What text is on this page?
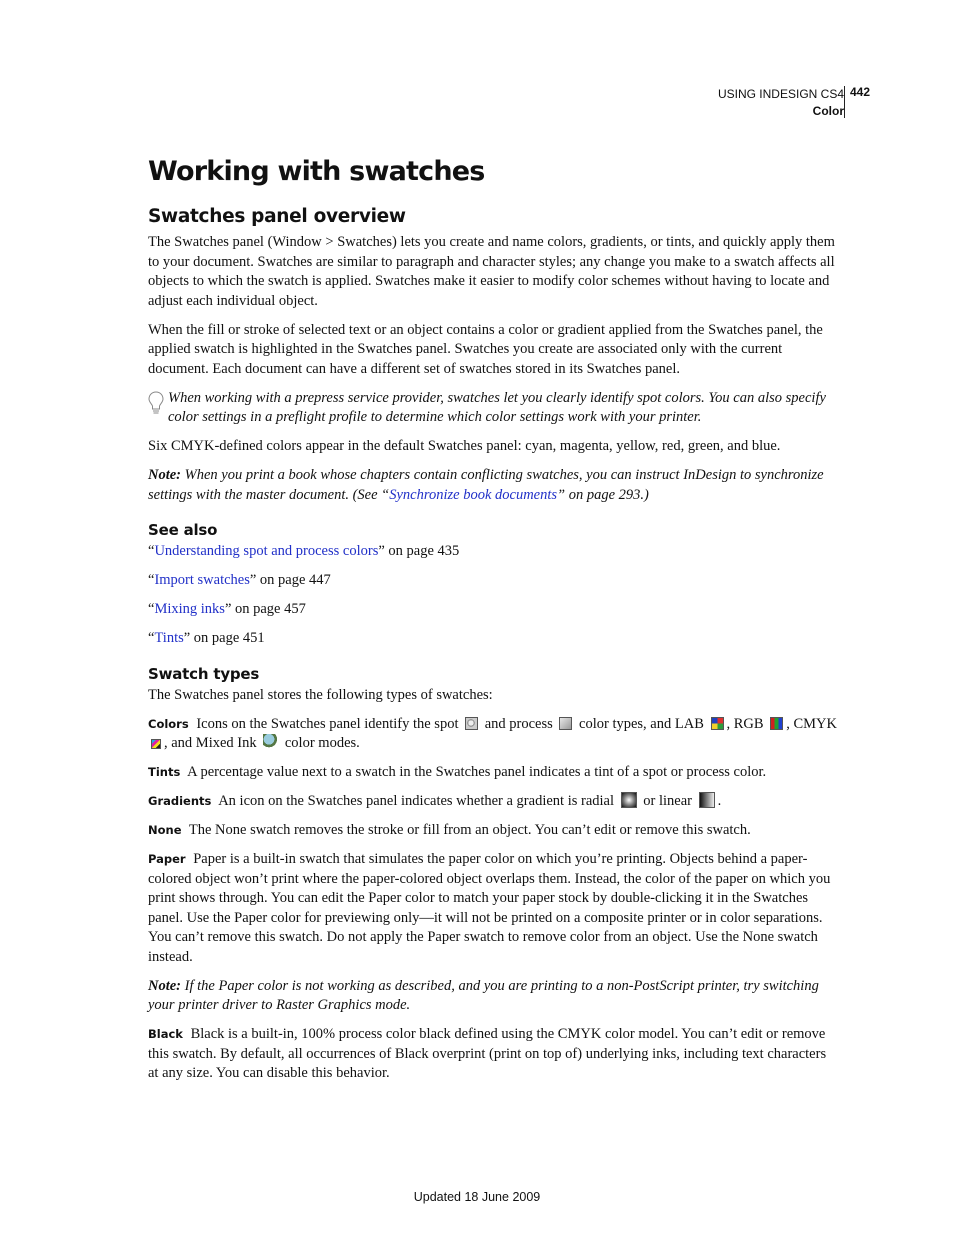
USING INDESIGN CS4
Color
442
Working with swatches
Swatches panel overview

The Swatches panel (Window > Swatches) lets you create and name colors, gradients, or tints, and quickly apply them to your document. Swatches are similar to paragraph and character styles; any change you make to a swatch affects all objects to which the swatch is applied. Swatches make it easier to modify color schemes without having to locate and adjust each individual object.

When the fill or stroke of selected text or an object contains a color or gradient applied from the Swatches panel, the applied swatch is highlighted in the Swatches panel. Swatches you create are associated only with the current document. Each document can have a different set of swatches stored in its Swatches panel.

When working with a prepress service provider, swatches let you clearly identify spot colors. You can also specify color settings in a preflight profile to determine which color settings work with your printer.

Six CMYK-defined colors appear in the default Swatches panel: cyan, magenta, yellow, red, green, and blue.

Note: When you print a book whose chapters contain conflicting swatches, you can instruct InDesign to synchronize settings with the master document. (See “Synchronize book documents” on page 293.)

See also

“Understanding spot and process colors” on page 435

“Import swatches” on page 447

“Mixing inks” on page 457

“Tints” on page 451

Swatch types

The Swatches panel stores the following types of swatches:

Colors Icons on the Swatches panel identify the spot  and process  color types, and LAB , RGB , CMYK , and Mixed Ink  color modes.

Tints A percentage value next to a swatch in the Swatches panel indicates a tint of a spot or process color.

Gradients An icon on the Swatches panel indicates whether a gradient is radial  or linear .

None The None swatch removes the stroke or fill from an object. You can’t edit or remove this swatch.

Paper Paper is a built-in swatch that simulates the paper color on which you’re printing. Objects behind a paper-colored object won’t print where the paper-colored object overlaps them. Instead, the color of the paper on which you print shows through. You can edit the Paper color to match your paper stock by double-clicking it in the Swatches panel. Use the Paper color for previewing only—it will not be printed on a composite printer or in color separations. You can’t remove this swatch. Do not apply the Paper swatch to remove color from an object. Use the None swatch instead.

Note: If the Paper color is not working as described, and you are printing to a non-PostScript printer, try switching your printer driver to Raster Graphics mode.

Black Black is a built-in, 100% process color black defined using the CMYK color model. You can’t edit or remove this swatch. By default, all occurrences of Black overprint (print on top of) underlying inks, including text characters at any size. You can disable this behavior.

Updated 18 June 2009
